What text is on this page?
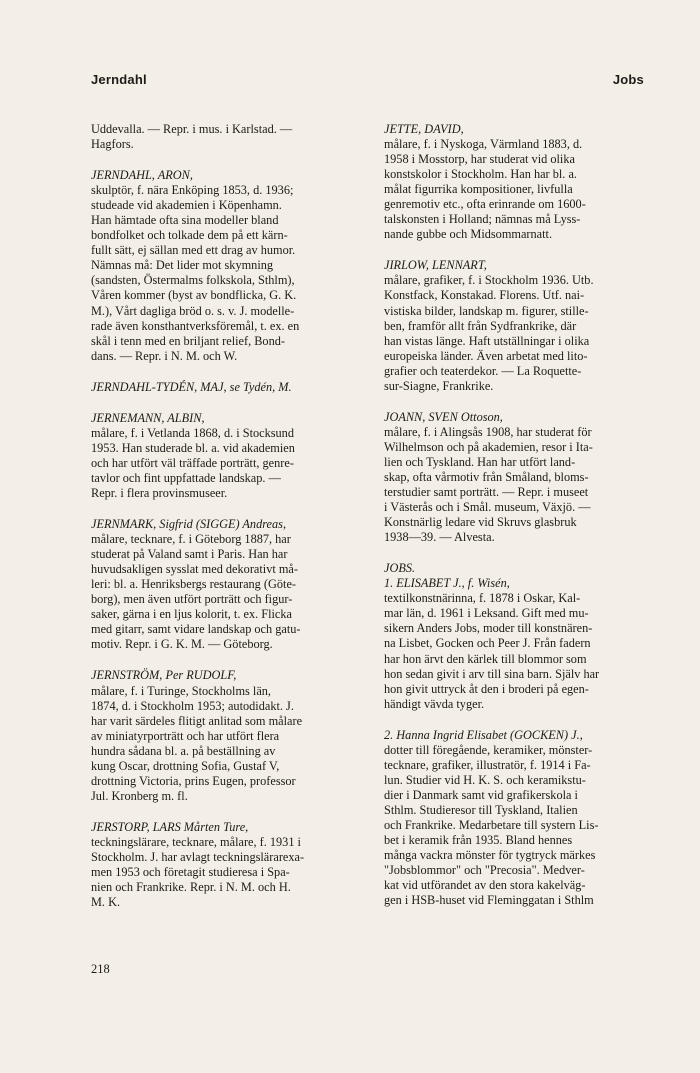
Jerndahl	Jobs

Uddevalla. — Repr. i mus. i Karlstad. —

Hagfors.

JERNDAHL, ARON,

skulptör, f. nära Enköping 1853, d. 1936;

studeade vid akademien i Köpenhamn.

Han hämtade ofta sina modeller bland

bondfolket och tolkade dem på ett kärn-

fullt sätt, ej sällan med ett drag av humor.

Nämnas må: Det lider mot skymning

(sandsten, Östermalms folkskola, Sthlm),

Våren kommer (byst av bondflicka, G. K.

M.), Vårt dagliga bröd o. s. v. J. modelle-

rade även konsthantverksföremål, t. ex. en

skål i tenn med en briljant relief, Bond-

dans. — Repr. i N. M. och W.

JERNDAHL-TYDÉN, MAJ, se Tydén, M.

JERNEMANN, ALBIN,

målare, f. i Vetlanda 1868, d. i Stocksund

1953. Han studerade bl. a. vid akademien

och har utfört väl träffade porträtt, genre-

tavlor och fint uppfattade landskap. —

Repr. i flera provinsmuseer.

JERNMARK, Sigfrid (SIGGE) Andreas,

målare, tecknare, f. i Göteborg 1887, har

studerat på Valand samt i Paris. Han har

huvudsakligen sysslat med dekorativt må-

leri: bl. a. Henriksbergs restaurang (Göte-

borg), men även utfört porträtt och figur-

saker, gärna i en ljus kolorit, t. ex. Flicka

med gitarr, samt vidare landskap och gatu-

motiv. Repr. i G. K. M. — Göteborg.

JERNSTRÖM, Per RUDOLF,

målare, f. i Turinge, Stockholms län,

1874, d. i Stockholm 1953; autodidakt. J.

har varit särdeles flitigt anlitad som målare

av miniatyrporträtt och har utfört flera

hundra sådana bl. a. på beställning av

kung Oscar, drottning Sofia, Gustaf V,

drottning Victoria, prins Eugen, professor

Jul. Kronberg m. fl.

JERSTORP, LARS Mårten Ture,

teckningslärare, tecknare, målare, f. 1931 i

Stockholm. J. har avlagt teckningslärarexa-

men 1953 och företagit studieresa i Spa-

nien och Frankrike. Repr. i N. M. och H.

M. K.

JETTE, DAVID,

målare, f. i Nyskoga, Värmland 1883, d.

1958 i Mosstorp, har studerat vid olika

konstskolor i Stockholm. Han har bl. a.

målat figurrika kompositioner, livfulla

genremotiv etc., ofta erinrande om 1600-

talskonsten i Holland; nämnas må Lyss-

nande gubbe och Midsommarnatt.

JIRLOW, LENNART,

målare, grafiker, f. i Stockholm 1936. Utb.

Konstfack, Konstakad. Florens. Utf. nai-

vistiska bilder, landskap m. figurer, stille-

ben, framför allt från Sydfrankrike, där

han vistas länge. Haft utställningar i olika

europeiska länder. Även arbetat med lito-

grafier och teaterdekor. — La Roquette-

sur-Siagne, Frankrike.

JOANN, SVEN Ottoson,

målare, f. i Alingsås 1908, har studerat för

Wilhelmson och på akademien, resor i Ita-

lien och Tyskland. Han har utfört land-

skap, ofta vårmotiv från Småland, bloms-

terstudier samt porträtt. — Repr. i museet

i Västerås och i Smål. museum, Växjö. —

Konstnärlig ledare vid Skruvs glasbruk

1938—39. — Alvesta.

JOBS.

1. ELISABET J., f. Wisén,

textilkonstnärinna, f. 1878 i Oskar, Kal-

mar län, d. 1961 i Leksand. Gift med mu-

sikern Anders Jobs, moder till konstnären-

na Lisbet, Gocken och Peer J. Från fadern

har hon ärvt den kärlek till blommor som

hon sedan givit i arv till sina barn. Själv har

hon givit uttryck åt den i broderi på egen-

händigt vävda tyger.

2. Hanna Ingrid Elisabet (GOCKEN) J.,

dotter till föregående, keramiker, mönster-

tecknare, grafiker, illustratör, f. 1914 i Fa-

lun. Studier vid H. K. S. och keramikstu-

dier i Danmark samt vid grafikerskola i

Sthlm. Studieresor till Tyskland, Italien

och Frankrike. Medarbetare till systern Lis-

bet i keramik från 1935. Bland hennes

många vackra mönster för tygtryck märkes

"Jobsblommor" och "Precosia". Medver-

kat vid utförandet av den stora kakelväg-

gen i HSB-huset vid Fleminggatan i Sthlm

218
